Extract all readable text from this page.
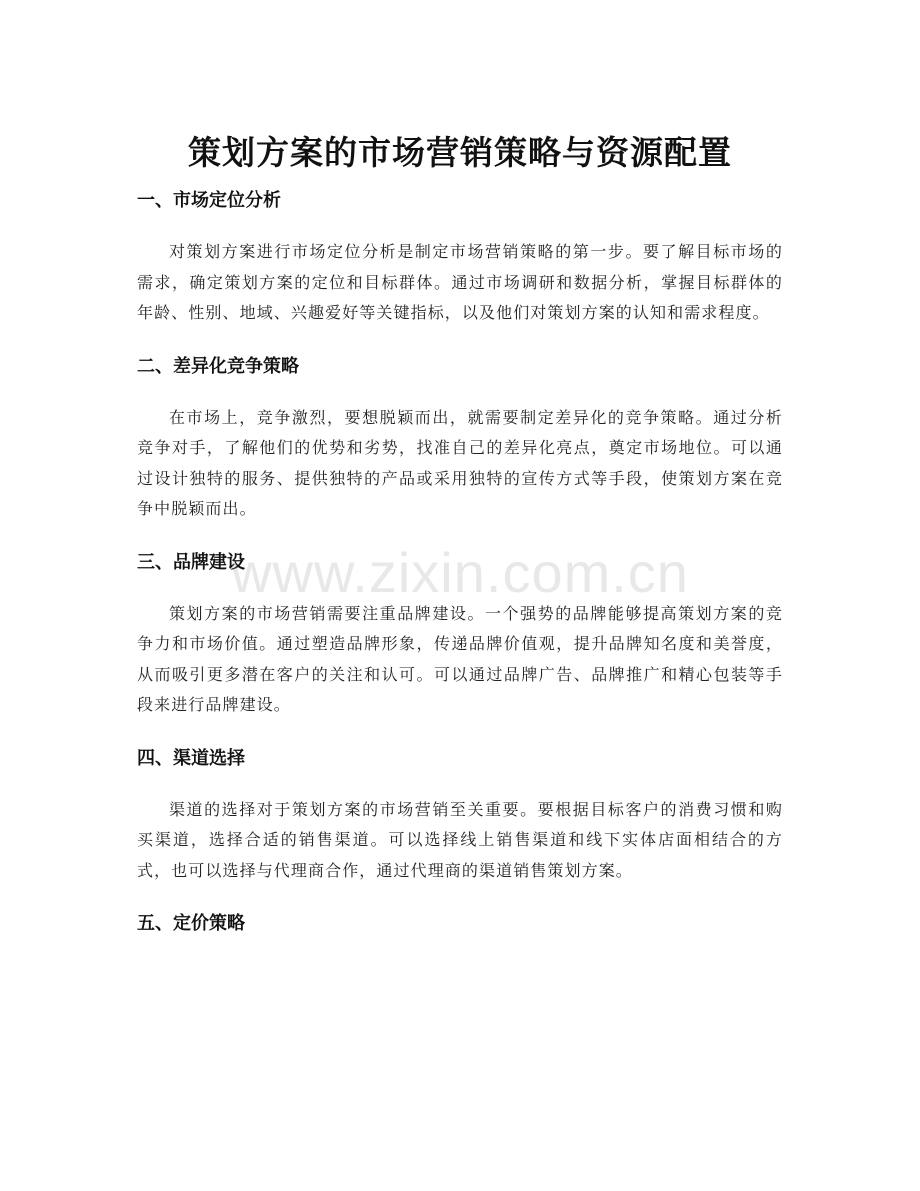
策划方案的市场营销策略与资源配置
一、市场定位分析

对策划方案进行市场定位分析是制定市场营销策略的第一步。要了解目标市场的需求，确定策划方案的定位和目标群体。通过市场调研和数据分析，掌握目标群体的年龄、性别、地域、兴趣爱好等关键指标，以及他们对策划方案的认知和需求程度。

二、差异化竞争策略

在市场上，竞争激烈，要想脱颖而出，就需要制定差异化的竞争策略。通过分析竞争对手，了解他们的优势和劣势，找准自己的差异化亮点，奠定市场地位。可以通过设计独特的服务、提供独特的产品或采用独特的宣传方式等手段，使策划方案在竞争中脱颖而出。

三、品牌建设

策划方案的市场营销需要注重品牌建设。一个强势的品牌能够提高策划方案的竞争力和市场价值。通过塑造品牌形象，传递品牌价值观，提升品牌知名度和美誉度，从而吸引更多潜在客户的关注和认可。可以通过品牌广告、品牌推广和精心包装等手段来进行品牌建设。

四、渠道选择

渠道的选择对于策划方案的市场营销至关重要。要根据目标客户的消费习惯和购买渠道，选择合适的销售渠道。可以选择线上销售渠道和线下实体店面相结合的方式，也可以选择与代理商合作，通过代理商的渠道销售策划方案。

五、定价策略
www.zixin.com.cn
